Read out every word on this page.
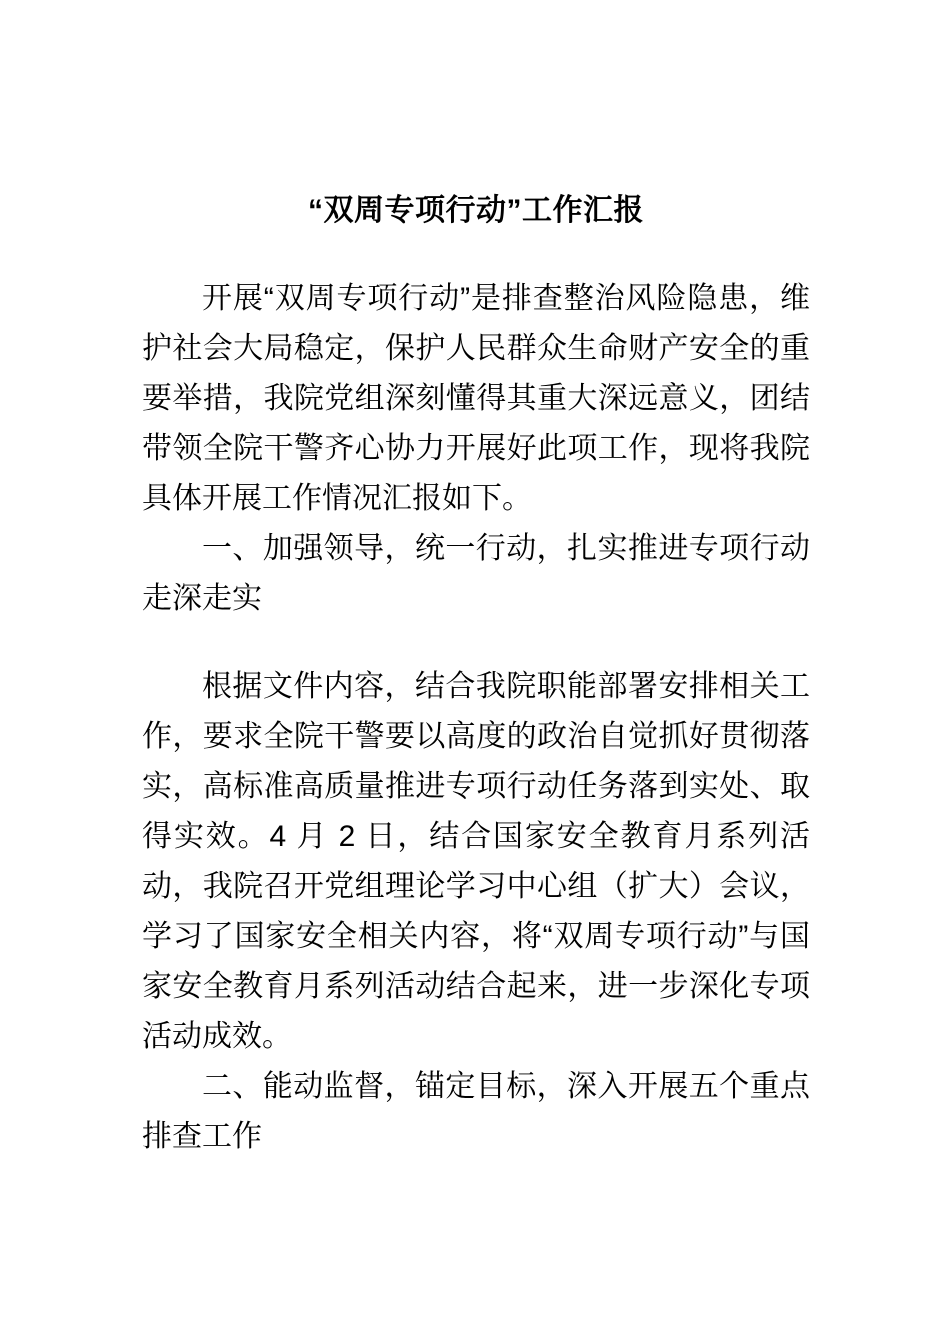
“双周专项行动”工作汇报

开展“双周专项行动”是排查整治风险隐患，维护社会大局稳定，保护人民群众生命财产安全的重要举措，我院党组深刻懂得其重大深远意义，团结带领全院干警齐心协力开展好此项工作，现将我院具体开展工作情况汇报如下。

一、加强领导，统一行动，扎实推进专项行动走深走实

根据文件内容，结合我院职能部署安排相关工作，要求全院干警要以高度的政治自觉抓好贯彻落实，高标准高质量推进专项行动任务落到实处、取得实效。4 月 2 日，结合国家安全教育月系列活动，我院召开党组理论学习中心组（扩大）会议，学习了国家安全相关内容，将“双周专项行动”与国家安全教育月系列活动结合起来，进一步深化专项活动成效。

二、能动监督，锚定目标，深入开展五个重点排查工作
